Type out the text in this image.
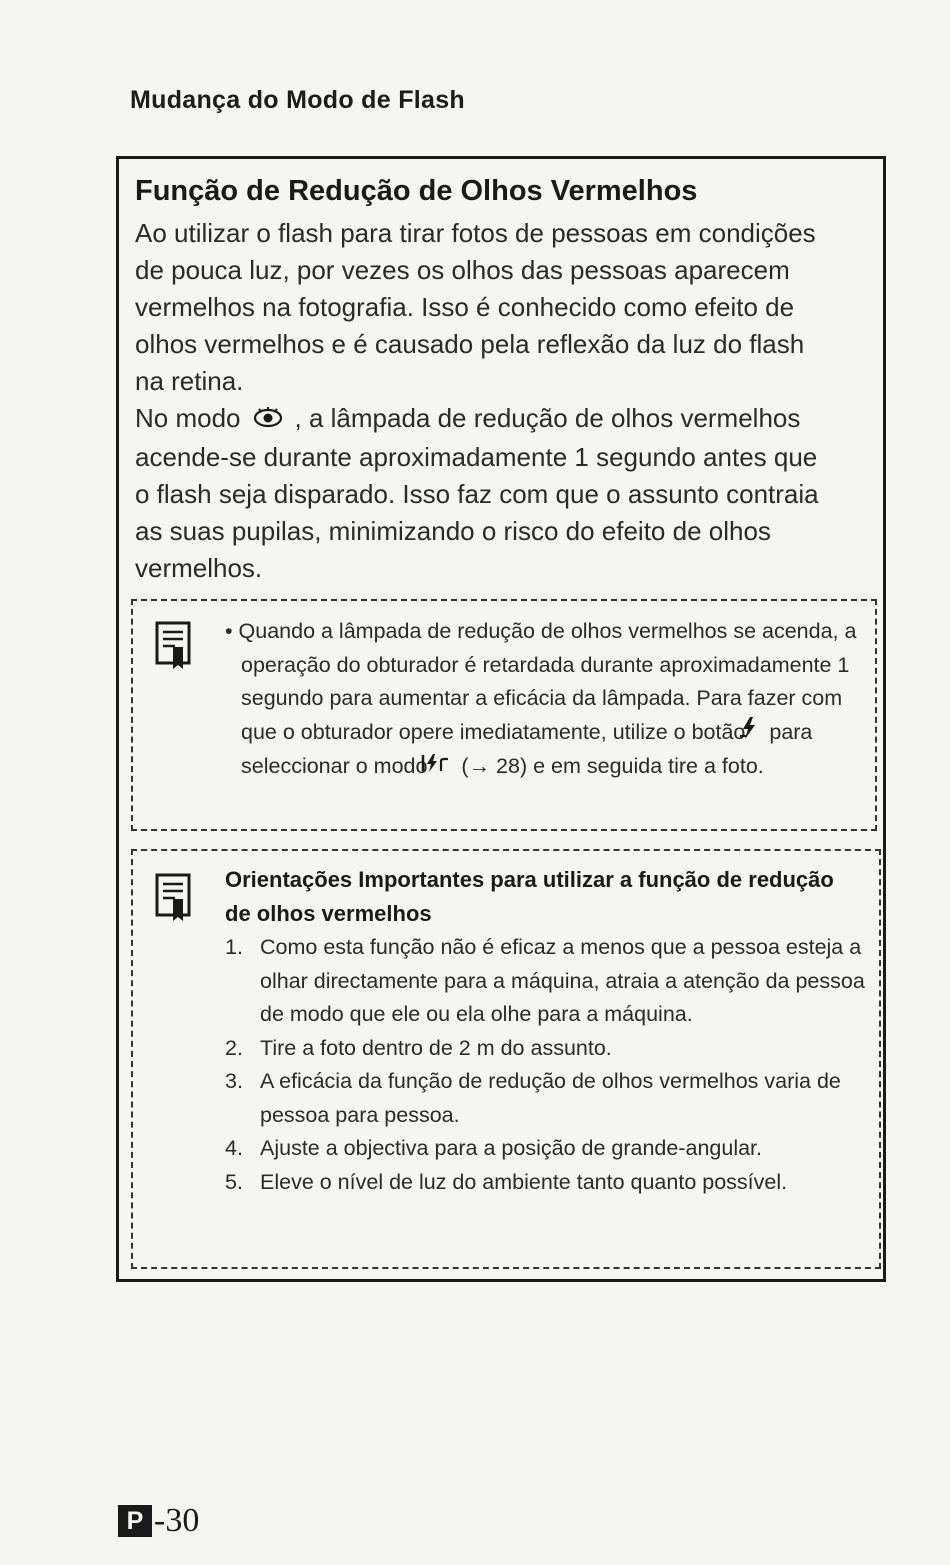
Mudança do Modo de Flash
Função de Redução de Olhos Vermelhos

Ao utilizar o flash para tirar fotos de pessoas em condições de pouca luz, por vezes os olhos das pessoas aparecem vermelhos na fotografia. Isso é conhecido como efeito de olhos vermelhos e é causado pela reflexão da luz do flash na retina.

No modo , a lâmpada de redução de olhos vermelhos acende-se durante aproximadamente 1 segundo antes que o flash seja disparado. Isso faz com que o assunto contraia as suas pupilas, minimizando o risco do efeito de olhos vermelhos.

• Quando a lâmpada de redução de olhos vermelhos se acenda, a operação do obturador é retardada durante aproximadamente 1 segundo para aumentar a eficácia da lâmpada. Para fazer com que o obturador opere imediatamente, utilize o botão para seleccionar o modo (→ 28) e em seguida tire a foto.
Orientações Importantes para utilizar a função de redução de olhos vermelhos
1. Como esta função não é eficaz a menos que a pessoa esteja a olhar directamente para a máquina, atraia a atenção da pessoa de modo que ele ou ela olhe para a máquina.
2. Tire a foto dentro de 2 m do assunto.
3. A eficácia da função de redução de olhos vermelhos varia de pessoa para pessoa.
4. Ajuste a objectiva para a posição de grande-angular.
5. Eleve o nível de luz do ambiente tanto quanto possível.
P -30
